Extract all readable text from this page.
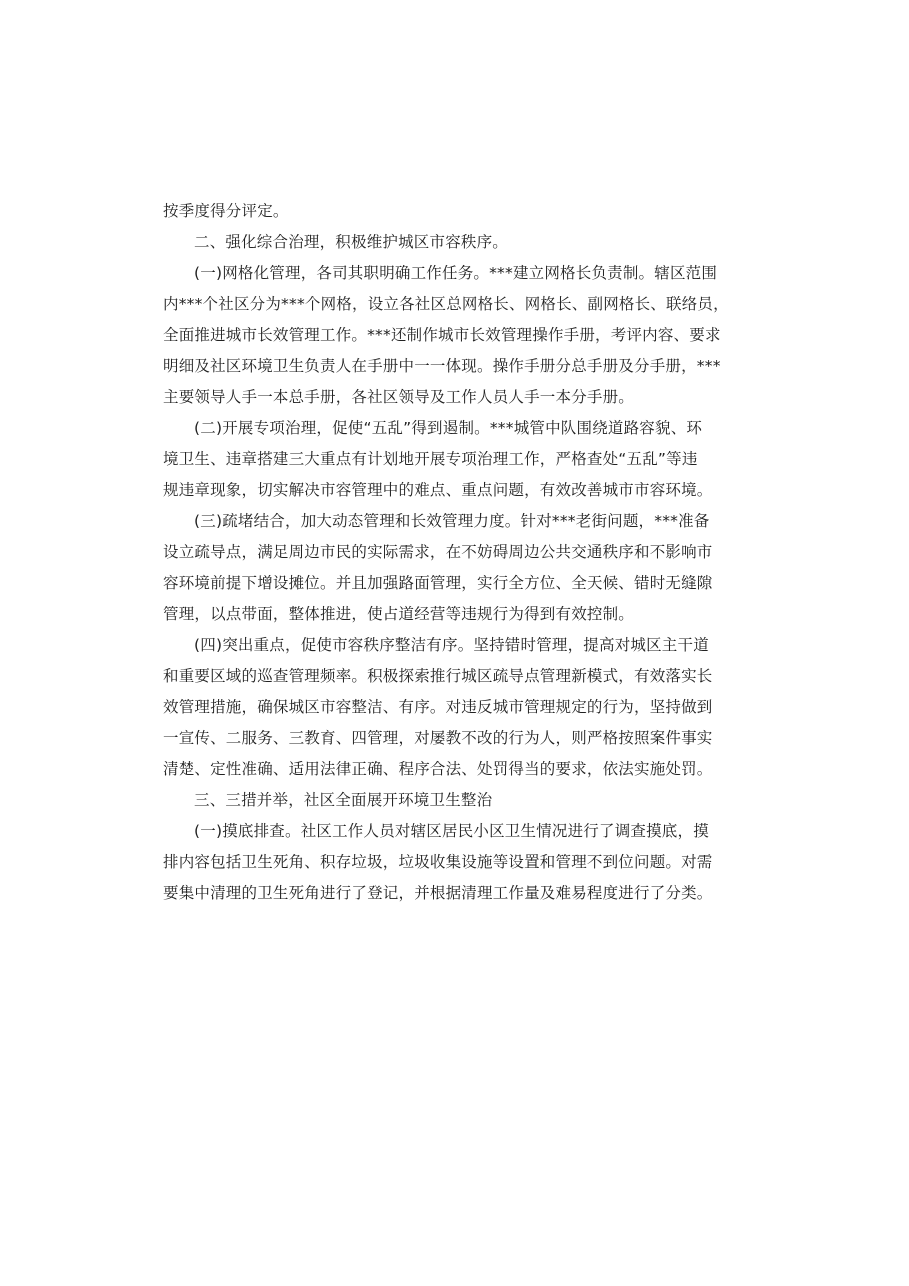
按季度得分评定。
二、强化综合治理，积极维护城区市容秩序。
(一)网格化管理，各司其职明确工作任务。***建立网格长负责制。辖区范围
内***个社区分为***个网格，设立各社区总网格长、网格长、副网格长、联络员，
全面推进城市长效管理工作。***还制作城市长效管理操作手册，考评内容、要求
明细及社区环境卫生负责人在手册中一一体现。操作手册分总手册及分手册，***
主要领导人手一本总手册，各社区领导及工作人员人手一本分手册。
(二)开展专项治理，促使“五乱”得到遏制。***城管中队围绕道路容貌、环
境卫生、违章搭建三大重点有计划地开展专项治理工作，严格查处“五乱”等违
规违章现象，切实解决市容管理中的难点、重点问题，有效改善城市市容环境。
(三)疏堵结合，加大动态管理和长效管理力度。针对***老街问题，***准备
设立疏导点，满足周边市民的实际需求，在不妨碍周边公共交通秩序和不影响市
容环境前提下增设摊位。并且加强路面管理，实行全方位、全天候、错时无缝隙
管理，以点带面，整体推进，使占道经营等违规行为得到有效控制。
(四)突出重点，促使市容秩序整洁有序。坚持错时管理，提高对城区主干道
和重要区域的巡查管理频率。积极探索推行城区疏导点管理新模式，有效落实长
效管理措施，确保城区市容整洁、有序。对违反城市管理规定的行为，坚持做到
一宣传、二服务、三教育、四管理，对屡教不改的行为人，则严格按照案件事实
清楚、定性准确、适用法律正确、程序合法、处罚得当的要求，依法实施处罚。
三、三措并举，社区全面展开环境卫生整治
(一)摸底排查。社区工作人员对辖区居民小区卫生情况进行了调查摸底，摸
排内容包括卫生死角、积存垃圾，垃圾收集设施等设置和管理不到位问题。对需
要集中清理的卫生死角进行了登记，并根据清理工作量及难易程度进行了分类。
